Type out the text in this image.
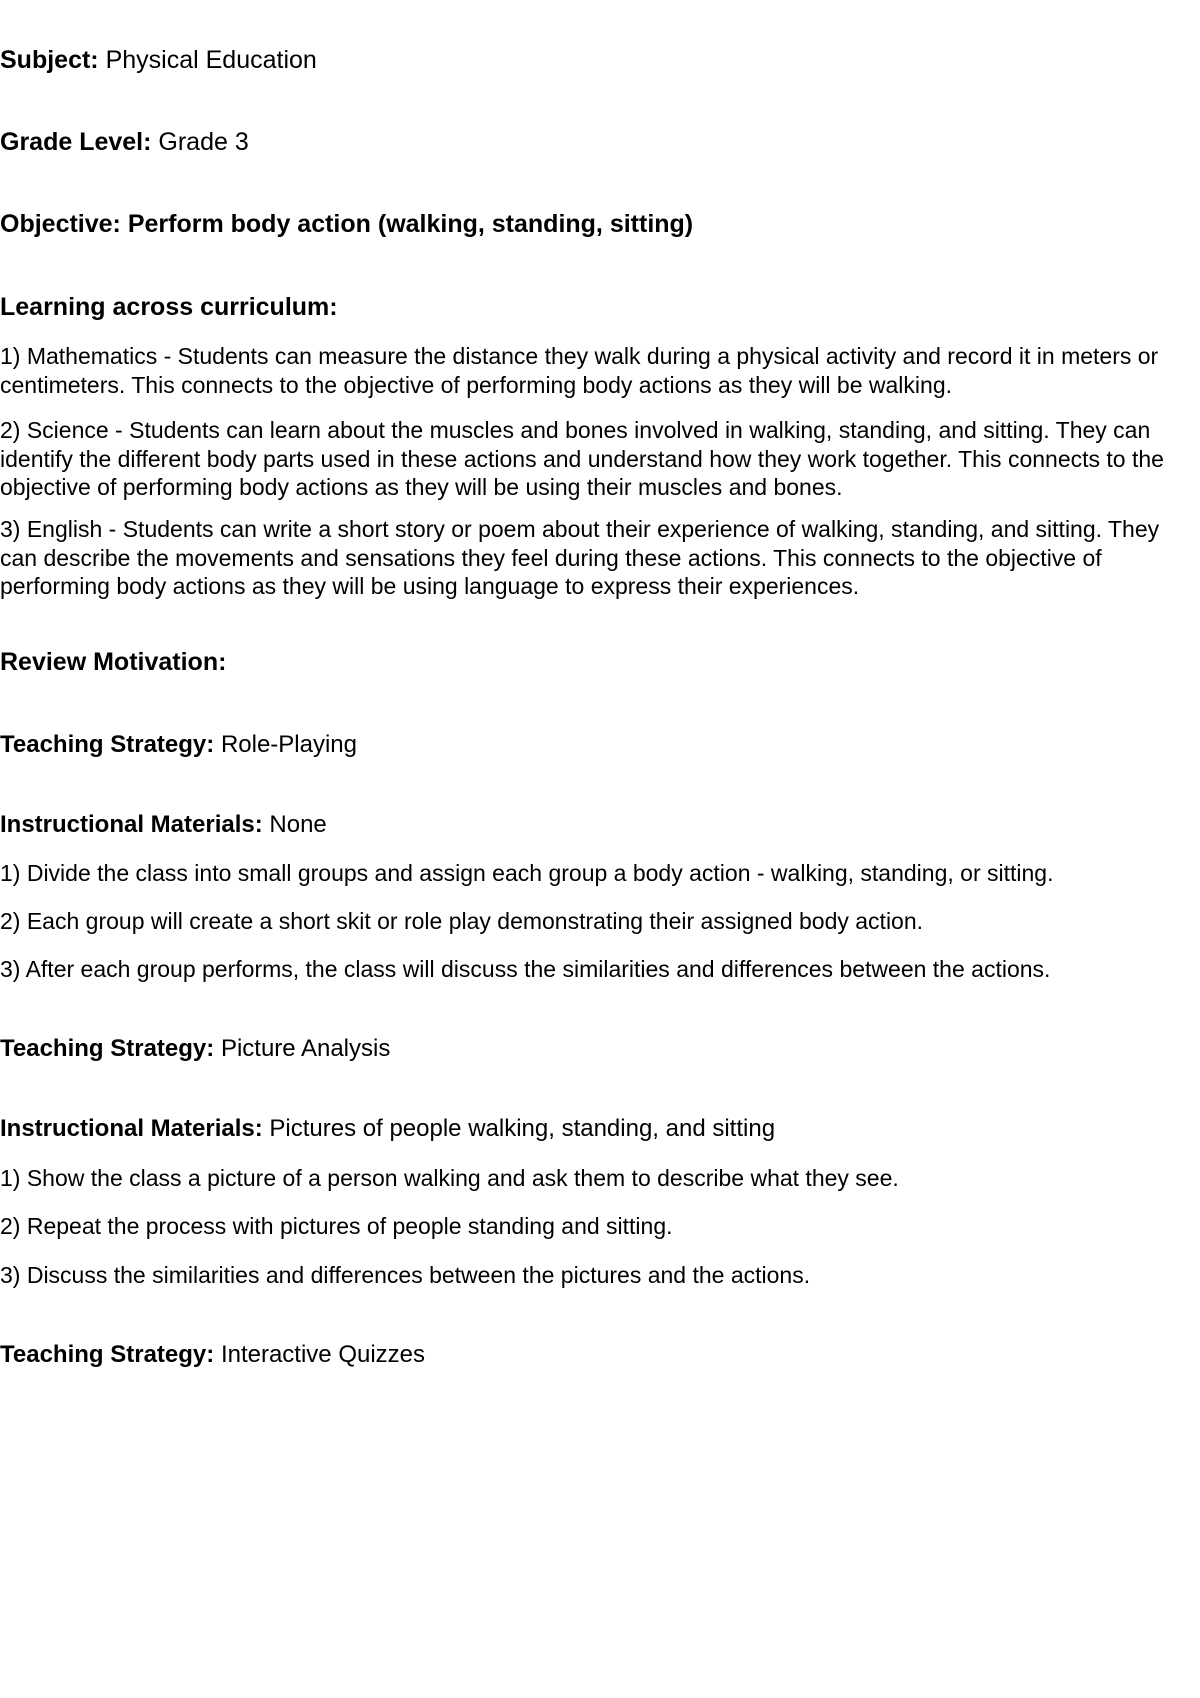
Subject: Physical Education
Grade Level: Grade 3
Objective: Perform body action (walking, standing, sitting)
Learning across curriculum:

1) Mathematics - Students can measure the distance they walk during a physical activity and record it in meters or centimeters. This connects to the objective of performing body actions as they will be walking.

2) Science - Students can learn about the muscles and bones involved in walking, standing, and sitting. They can identify the different body parts used in these actions and understand how they work together. This connects to the objective of performing body actions as they will be using their muscles and bones.

3) English - Students can write a short story or poem about their experience of walking, standing, and sitting. They can describe the movements and sensations they feel during these actions. This connects to the objective of performing body actions as they will be using language to express their experiences.

Review Motivation:
Teaching Strategy: Role-Playing
Instructional Materials: None
1) Divide the class into small groups and assign each group a body action - walking, standing, or sitting.
2) Each group will create a short skit or role play demonstrating their assigned body action.
3) After each group performs, the class will discuss the similarities and differences between the actions.
Teaching Strategy: Picture Analysis
Instructional Materials: Pictures of people walking, standing, and sitting
1) Show the class a picture of a person walking and ask them to describe what they see.
2) Repeat the process with pictures of people standing and sitting.
3) Discuss the similarities and differences between the pictures and the actions.
Teaching Strategy: Interactive Quizzes
